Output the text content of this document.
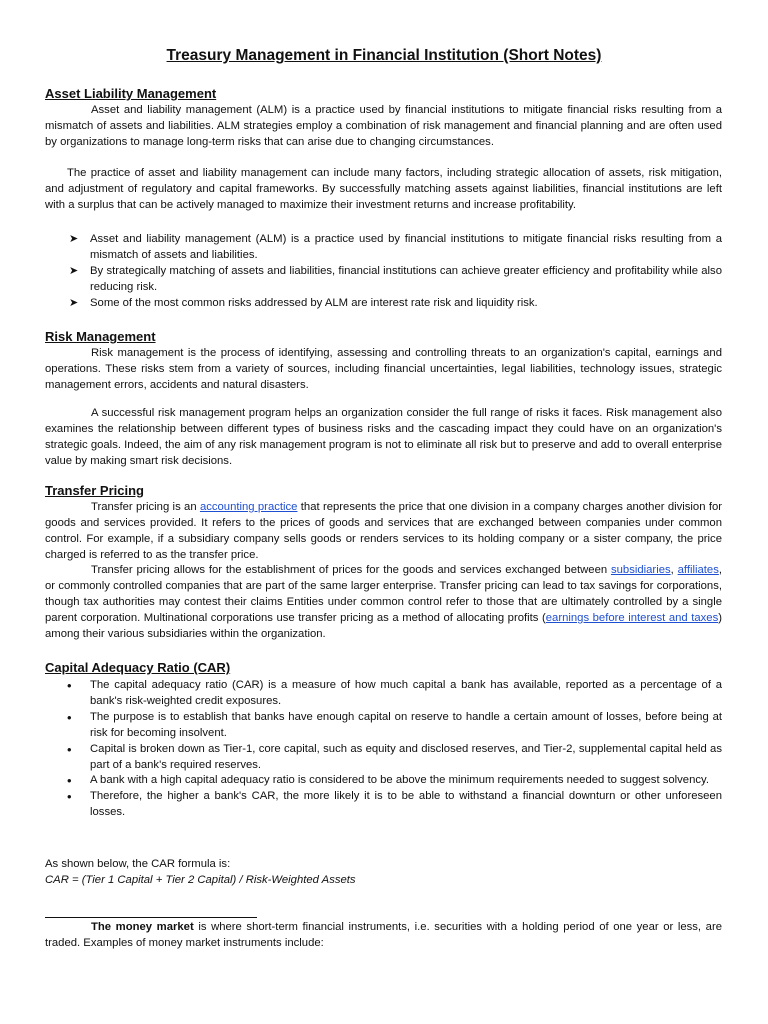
Treasury Management in Financial Institution (Short Notes)
Asset Liability Management

Asset and liability management (ALM) is a practice used by financial institutions to mitigate financial risks resulting from a mismatch of assets and liabilities. ALM strategies employ a combination of risk management and financial planning and are often used by organizations to manage long-term risks that can arise due to changing circumstances.

The practice of asset and liability management can include many factors, including strategic allocation of assets, risk mitigation, and adjustment of regulatory and capital frameworks. By successfully matching assets against liabilities, financial institutions are left with a surplus that can be actively managed to maximize their investment returns and increase profitability.

➤ Asset and liability management (ALM) is a practice used by financial institutions to mitigate financial risks resulting from a mismatch of assets and liabilities.
➤ By strategically matching of assets and liabilities, financial institutions can achieve greater efficiency and profitability while also reducing risk.
➤ Some of the most common risks addressed by ALM are interest rate risk and liquidity risk.
Risk Management

Risk management is the process of identifying, assessing and controlling threats to an organization's capital, earnings and operations. These risks stem from a variety of sources, including financial uncertainties, legal liabilities, technology issues, strategic management errors, accidents and natural disasters.

A successful risk management program helps an organization consider the full range of risks it faces. Risk management also examines the relationship between different types of business risks and the cascading impact they could have on an organization's strategic goals. Indeed, the aim of any risk management program is not to eliminate all risk but to preserve and add to overall enterprise value by making smart risk decisions.

Transfer Pricing

Transfer pricing is an accounting practice that represents the price that one division in a company charges another division for goods and services provided. It refers to the prices of goods and services that are exchanged between companies under common control. For example, if a subsidiary company sells goods or renders services to its holding company or a sister company, the price charged is referred to as the transfer price.

Transfer pricing allows for the establishment of prices for the goods and services exchanged between subsidiaries, affiliates, or commonly controlled companies that are part of the same larger enterprise. Transfer pricing can lead to tax savings for corporations, though tax authorities may contest their claims Entities under common control refer to those that are ultimately controlled by a single parent corporation. Multinational corporations use transfer pricing as a method of allocating profits (earnings before interest and taxes) among their various subsidiaries within the organization.

Capital Adequacy Ratio (CAR)
• The capital adequacy ratio (CAR) is a measure of how much capital a bank has available, reported as a percentage of a bank's risk-weighted credit exposures.
• The purpose is to establish that banks have enough capital on reserve to handle a certain amount of losses, before being at risk for becoming insolvent.
• Capital is broken down as Tier-1, core capital, such as equity and disclosed reserves, and Tier-2, supplemental capital held as part of a bank's required reserves.
• A bank with a high capital adequacy ratio is considered to be above the minimum requirements needed to suggest solvency.
• Therefore, the higher a bank's CAR, the more likely it is to be able to withstand a financial downturn or other unforeseen losses.

As shown below, the CAR formula is:

CAR = (Tier 1 Capital + Tier 2 Capital) / Risk-Weighted Assets

The money market is where short-term financial instruments, i.e. securities with a holding period of one year or less, are traded. Examples of money market instruments include:
